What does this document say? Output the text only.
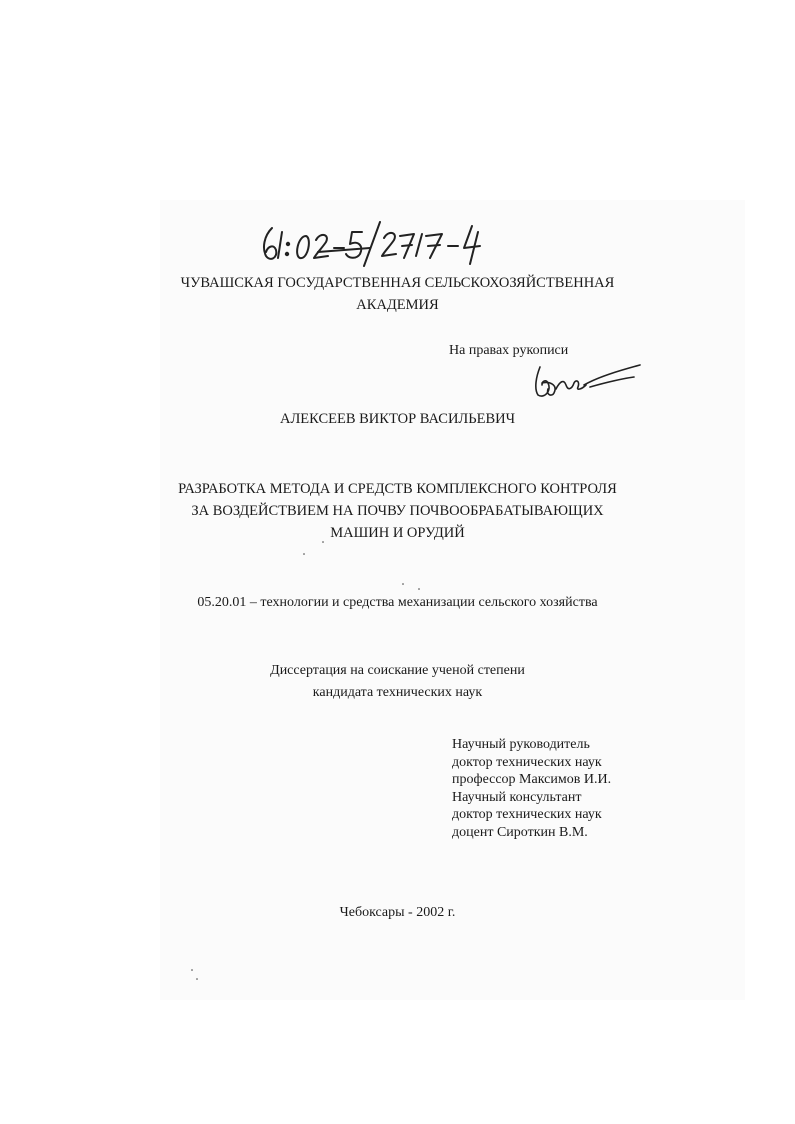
ЧУВАШСКАЯ ГОСУДАРСТВЕННАЯ СЕЛЬСКОХОЗЯЙСТВЕННАЯ
АКАДЕМИЯ
На правах рукописи
АЛЕКСЕЕВ ВИКТОР ВАСИЛЬЕВИЧ
РАЗРАБОТКА МЕТОДА И СРЕДСТВ КОМПЛЕКСНОГО КОНТРОЛЯ
ЗА ВОЗДЕЙСТВИЕМ НА ПОЧВУ ПОЧВООБРАБАТЫВАЮЩИХ
МАШИН И ОРУДИЙ
05.20.01 – технологии и средства механизации сельского хозяйства
Диссертация на соискание ученой степени
кандидата технических наук
Научный руководитель
доктор технических наук
профессор Максимов И.И.
Научный консультант
доктор технических наук
доцент Сироткин В.М.
Чебоксары - 2002 г.
